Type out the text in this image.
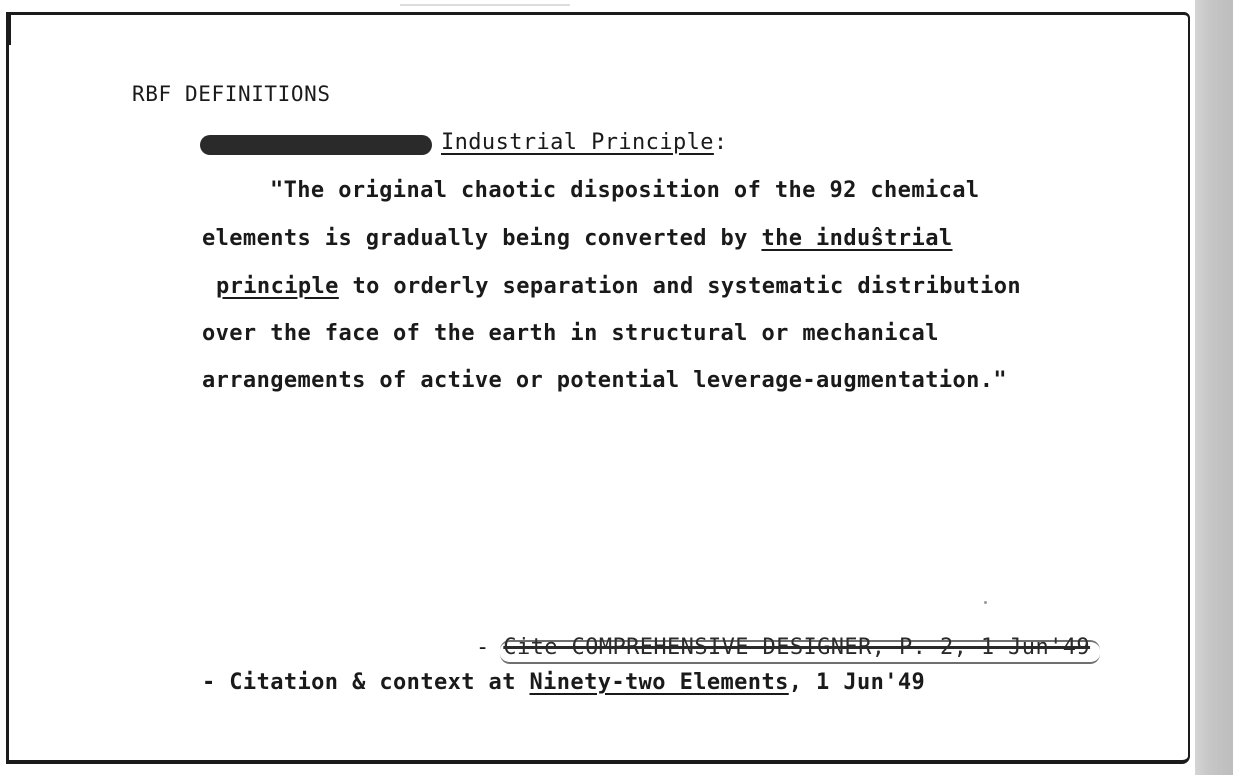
RBF DEFINITIONS
Industrial Principle:
"The original chaotic disposition of the 92 chemical
elements is gradually being converted by the induŝtrial
principle to orderly separation and systematic distribution
over the face of the earth in structural or mechanical
arrangements of active or potential leverage-augmentation."
- Cite COMPREHENSIVE DESIGNER, P. 2, 1 Jun'49
- Citation & context at Ninety-two Elements, 1 Jun'49
